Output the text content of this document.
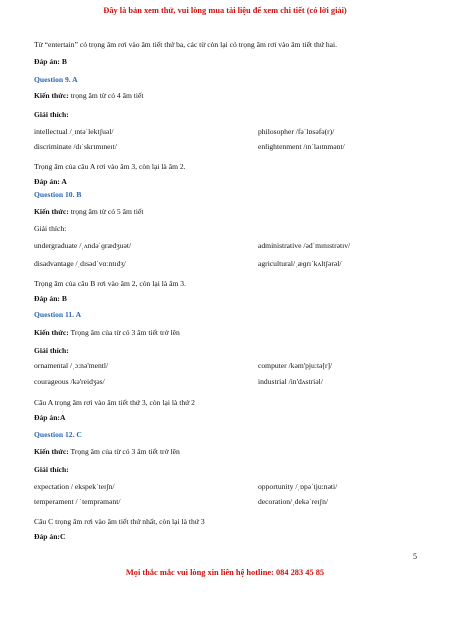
Đây là bản xem thử, vui lòng mua tài liệu để xem chi tiết (có lời giải)
Từ “entertain” có trọng âm rơi vào âm tiết thứ ba, các từ còn lại có trọng âm rơi vào âm tiết thứ hai.
Đáp án: B
Question 9. A
Kiến thức: trọng âm từ có 4 âm tiết
Giải thích:
intellectual /ˌɪntəˈlektʃuəl/	philosopher /fəˈlɒsəfə(r)/
discriminate /dɪˈskrɪmɪneɪt/	enlightenment /ɪnˈlaɪtnmənt/
Trọng âm của câu A rơi vào âm 3, còn lại là âm 2.
Đáp án: A
Question 10. B
Kiến thức: trọng âm từ có 5 âm tiết
Giải thích:
undergraduate /ˌʌndəˈɡrædʒuət/	administrative /ədˈmɪnɪstrətɪv/
disadvantage /ˌdɪsədˈvɑːntɪdʒ/	agricultural/ˌæɡrɪˈkʌltʃərəl/
Trọng âm của câu B rơi vào âm 2, còn lại là âm 3.
Đáp án: B
Question 11. A
Kiến thức: Trọng âm của từ có 3 âm tiết trở lên
Giải thích:
ornamental /ˌɔ:nə'mentl/	computer /kəm'pju:tə[r]/
courageous /kə'reidʒəs/	industrial /in'dʌstriəl/
Câu A trọng âm rơi vào âm tiết thứ 3, còn lại là thứ 2
Đáp án:A
Question 12. C
Kiến thức: Trọng âm của từ có 3 âm tiết trở lên
Giải thích:
expectation / ekspekˈteɪʃn/	opportunity /ˌɒpəˈtju:nəti/
temperament / ˈtemprəmənt/	decoration/ˌdekəˈreɪʃn/
Câu C trọng âm rơi vào âm tiết thứ nhất, còn lại là thứ 3
Đáp án:C
5
Mọi thắc mắc vui lòng xin liên hệ hotline: 084 283 45 85
